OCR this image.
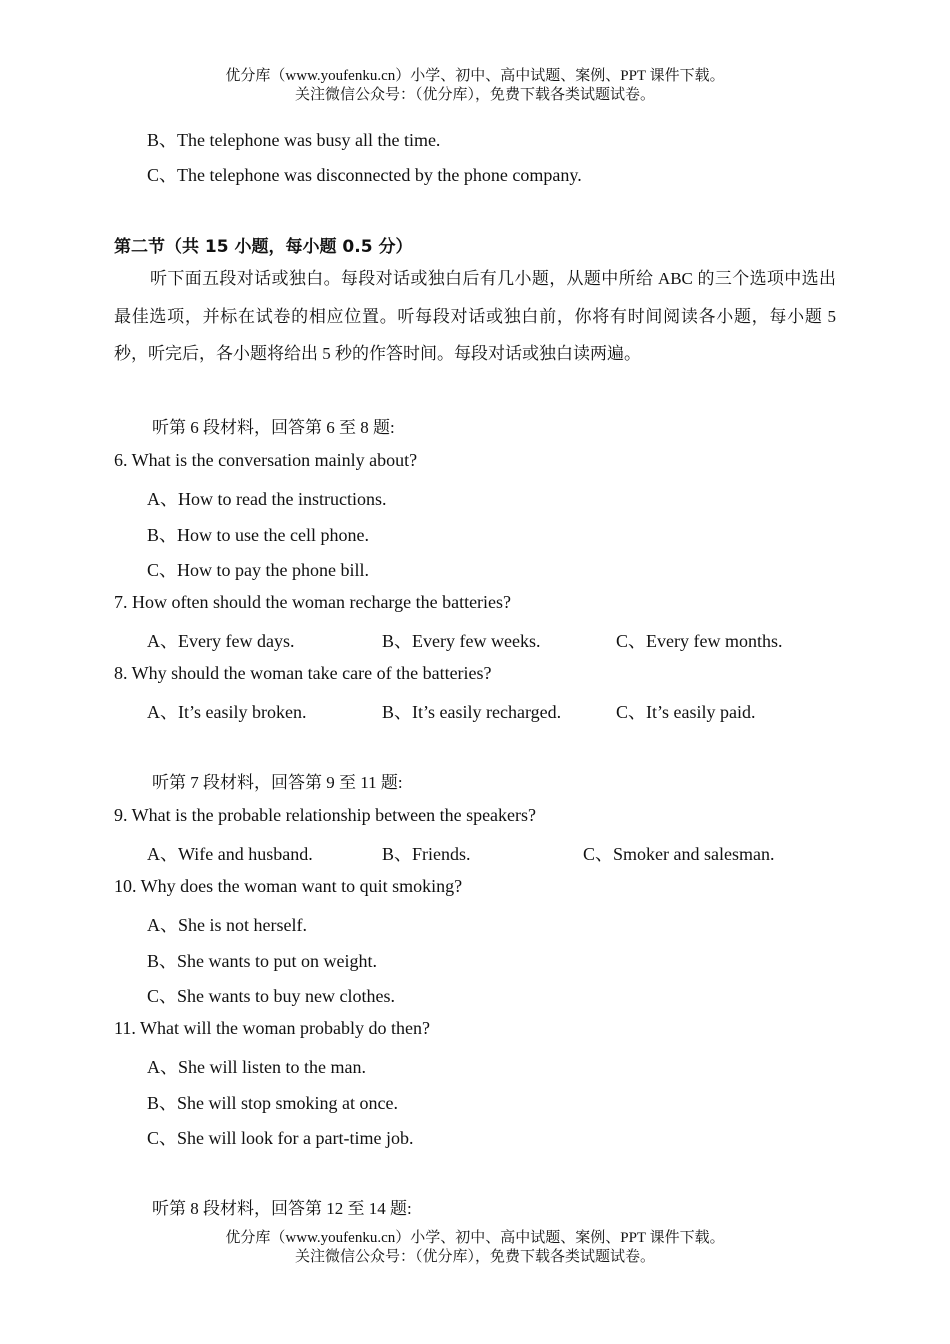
优分库（www.youfenku.cn）小学、初中、高中试题、案例、PPT 课件下载。
关注微信公众号：（优分库），免费下载各类试题试卷。
B、The telephone was busy all the time.
C、The telephone was disconnected by the phone company.
第二节（共 15 小题，每小题 0.5 分）
听下面五段对话或独白。每段对话或独白后有几小题，从题中所给 ABC 的三个选项中选出最佳选项，并标在试卷的相应位置。听每段对话或独白前，你将有时间阅读各小题，每小题 5 秒，听完后，各小题将给出 5 秒的作答时间。每段对话或独白读两遍。
听第 6 段材料，回答第 6 至 8 题:
6. What is the conversation mainly about?
A、How to read the instructions.
B、How to use the cell phone.
C、How to pay the phone bill.
7. How often should the woman recharge the batteries?
A、Every few days.	B、Every few weeks.	C、Every few months.
8. Why should the woman take care of the batteries?
A、It’s easily broken.	B、It’s easily recharged.	C、It’s easily paid.
听第 7 段材料，回答第 9 至 11 题:
9. What is the probable relationship between the speakers?
A、Wife and husband.	B、Friends.	C、Smoker and salesman.
10. Why does the woman want to quit smoking?
A、She is not herself.
B、She wants to put on weight.
C、She wants to buy new clothes.
11. What will the woman probably do then?
A、She will listen to the man.
B、She will stop smoking at once.
C、She will look for a part-time job.
听第 8 段材料，回答第 12 至 14 题:
优分库（www.youfenku.cn）小学、初中、高中试题、案例、PPT 课件下载。
关注微信公众号：（优分库），免费下载各类试题试卷。
